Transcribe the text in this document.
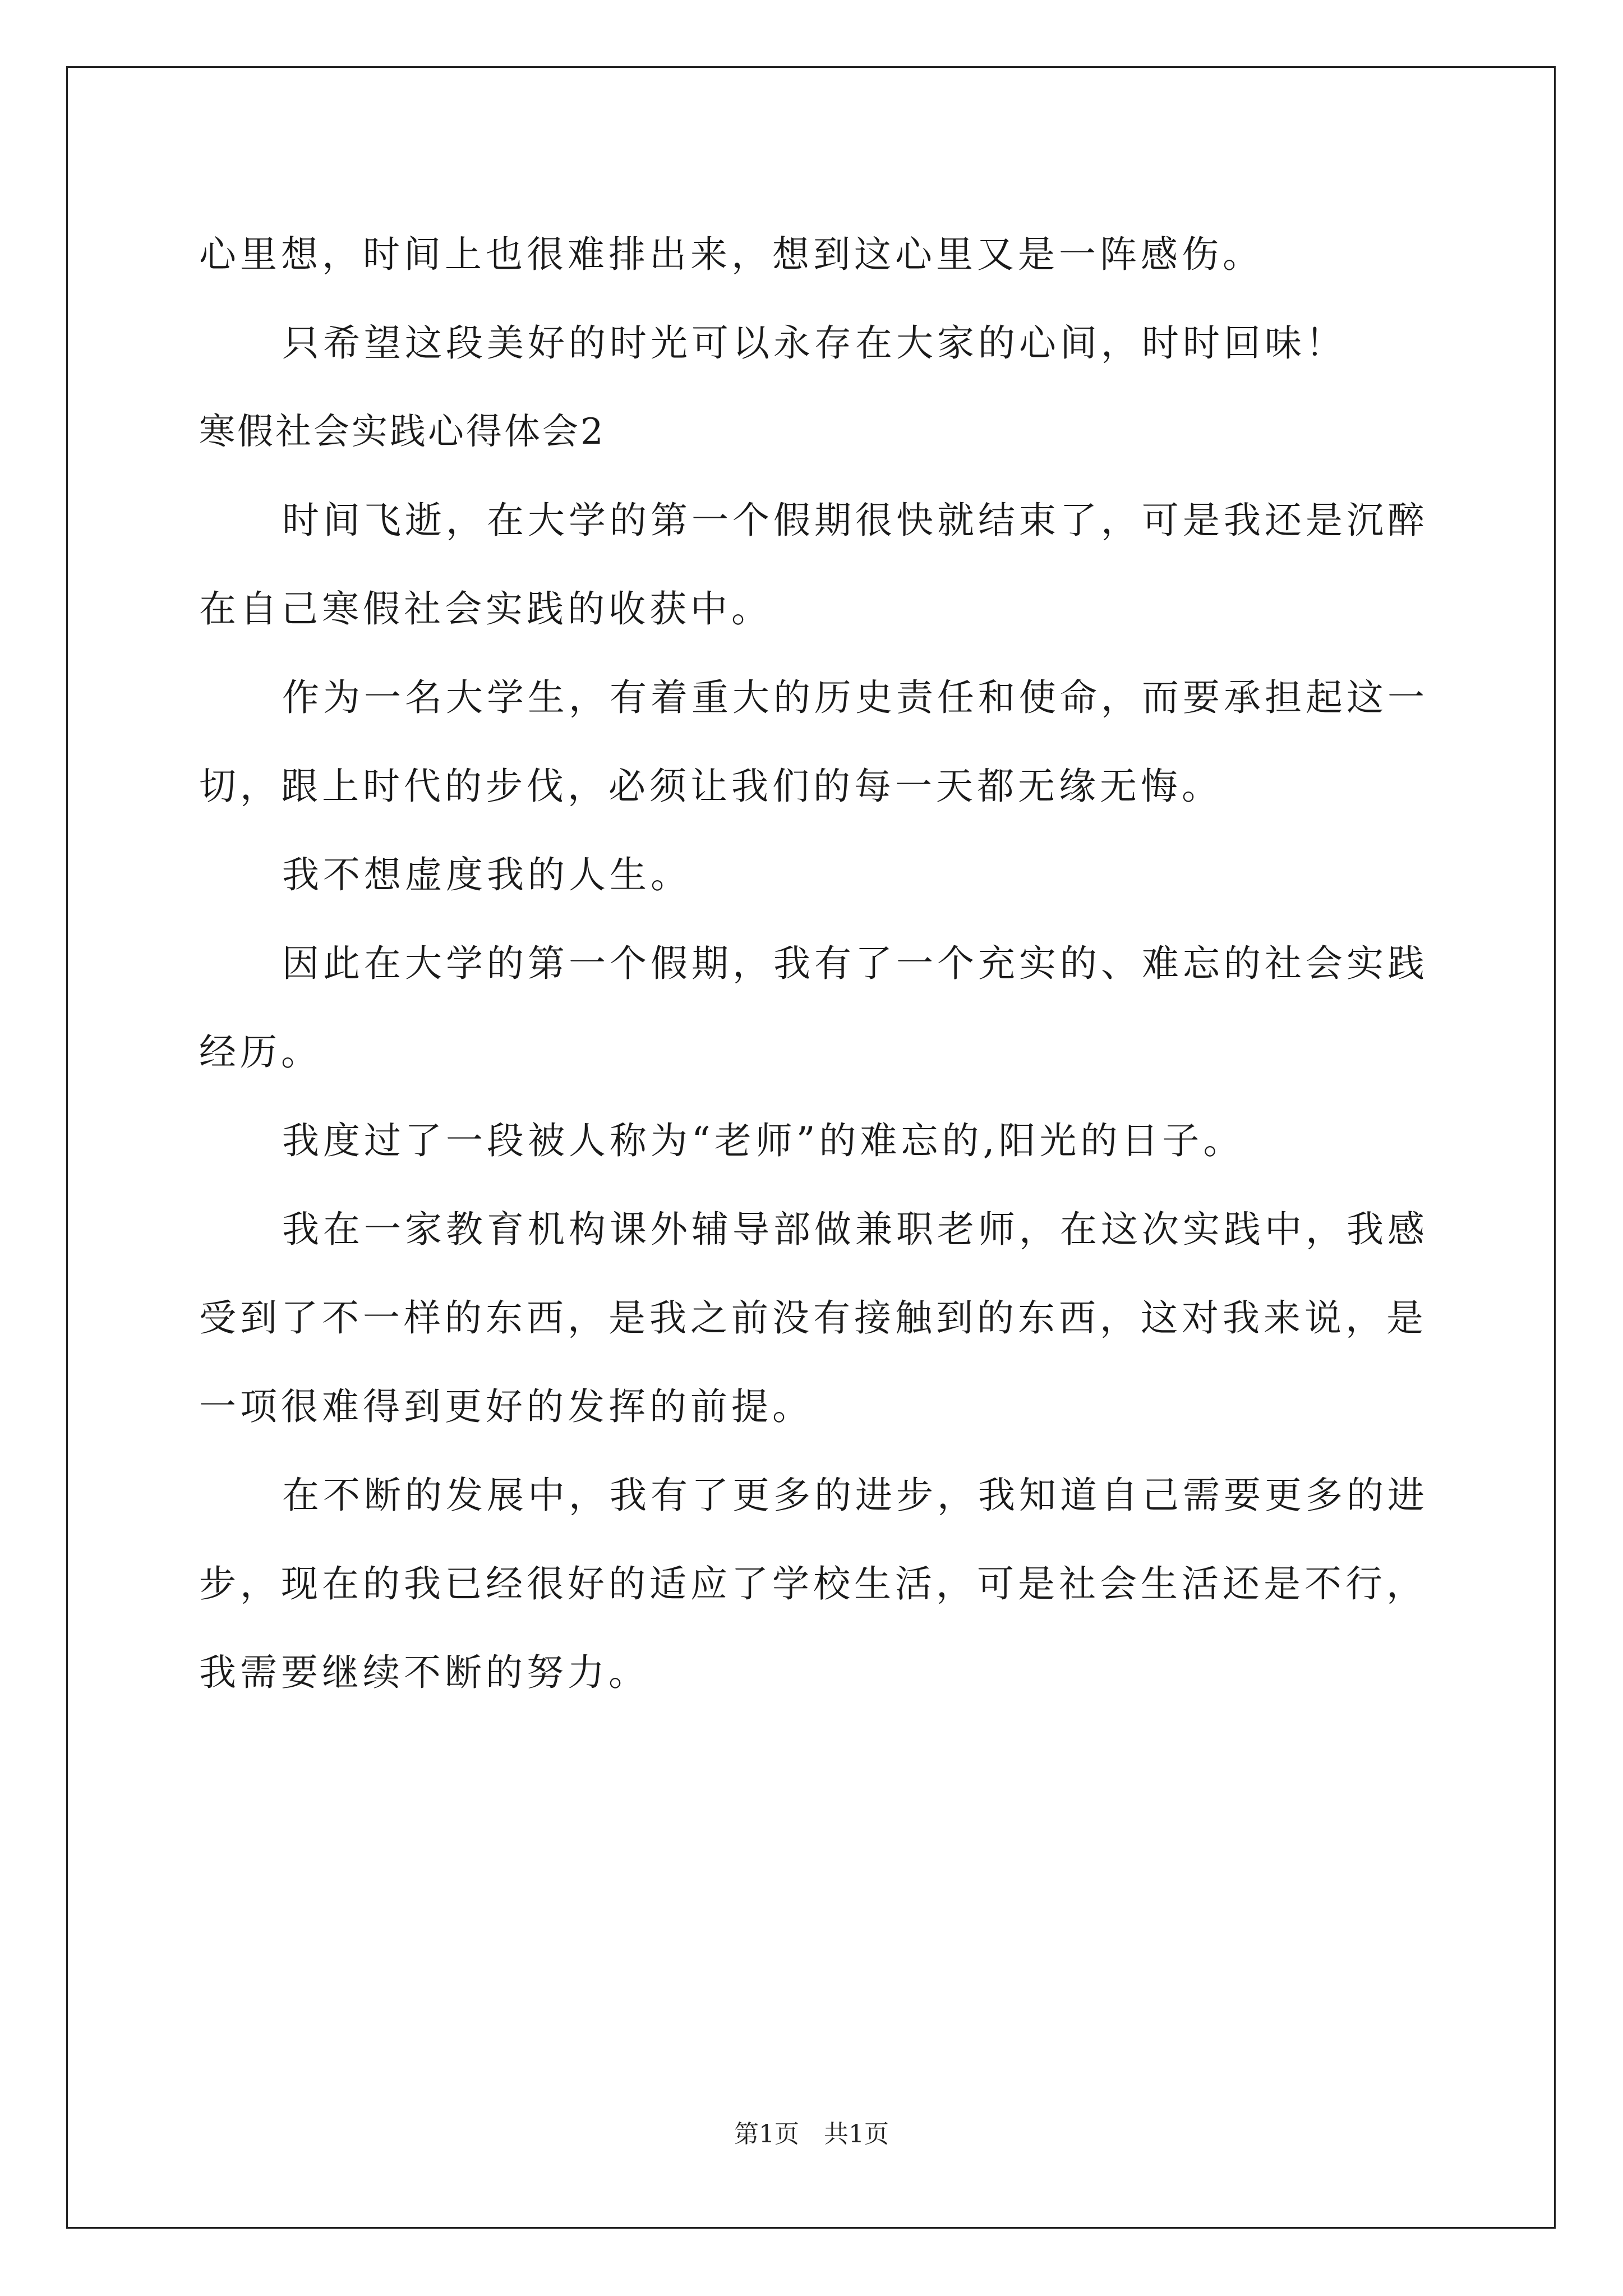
心里想，时间上也很难排出来，想到这心里又是一阵感伤。

只希望这段美好的时光可以永存在大家的心间，时时回味！

寒假社会实践心得体会2

时间飞逝，在大学的第一个假期很快就结束了，可是我还是沉醉

在自己寒假社会实践的收获中。

作为一名大学生，有着重大的历史责任和使命，而要承担起这一

切，跟上时代的步伐，必须让我们的每一天都无缘无悔。

我不想虚度我的人生。

因此在大学的第一个假期，我有了一个充实的、难忘的社会实践

经历。

我度过了一段被人称为“老师”的难忘的,阳光的日子。

我在一家教育机构课外辅导部做兼职老师，在这次实践中，我感

受到了不一样的东西，是我之前没有接触到的东西，这对我来说，是

一项很难得到更好的发挥的前提。

在不断的发展中，我有了更多的进步，我知道自己需要更多的进

步，现在的我已经很好的适应了学校生活，可是社会生活还是不行，

我需要继续不断的努力。

第1页 共1页
